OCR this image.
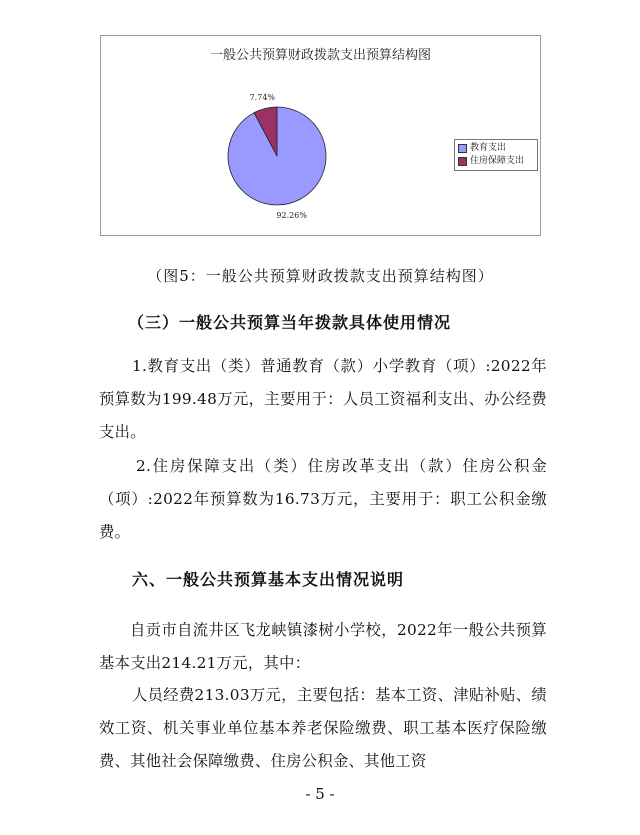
一般公共预算财政拨款支出预算结构图
92.26%
7.74%
教育支出
住房保障支出
（图5：一般公共预算财政拨款支出预算结构图）
（三）一般公共预算当年拨款具体使用情况
1.教育支出（类）普通教育（款）小学教育（项）:2022年预算数为199.48万元，主要用于：人员工资福利支出、办公经费支出。
2.住房保障支出（类）住房改革支出（款）住房公积金（项）:2022年预算数为16.73万元，主要用于：职工公积金缴费。
六、一般公共预算基本支出情况说明
自贡市自流井区飞龙峡镇漆树小学校，2022年一般公共预算基本支出214.21万元，其中：
人员经费213.03万元，主要包括：基本工资、津贴补贴、绩效工资、机关事业单位基本养老保险缴费、职工基本医疗保险缴费、其他社会保障缴费、住房公积金、其他工资
- 5 -
